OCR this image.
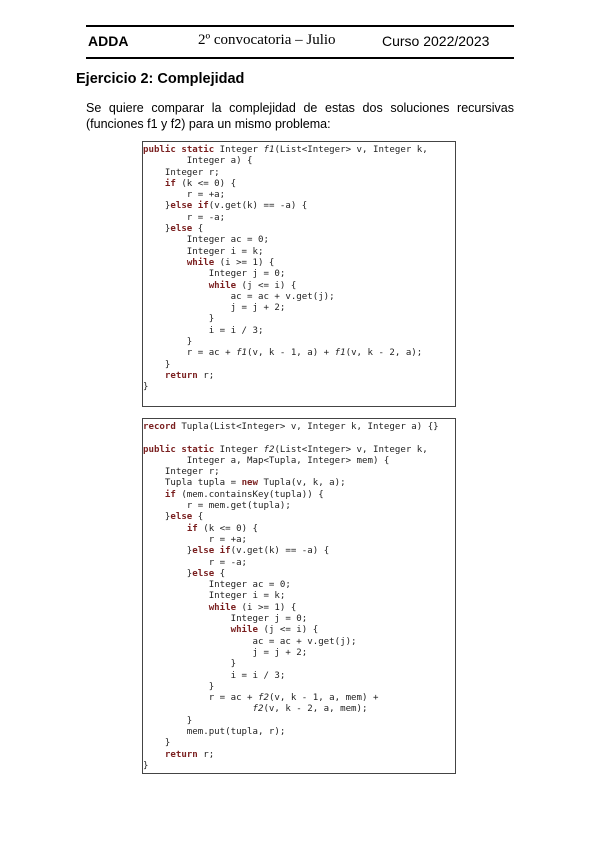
ADDA	2º convocatoria – Julio	Curso 2022/2023
Ejercicio 2: Complejidad
Se quiere comparar la complejidad de estas dos soluciones recursivas (funciones f1 y f2) para un mismo problema:
public static Integer f1(List<Integer> v, Integer k,
Integer a) {
Integer r;
if (k <= 0) {
r = +a;
}else if(v.get(k) == -a) {
r = -a;
}else {
Integer ac = 0;
Integer i = k;
while (i >= 1) {
Integer j = 0;
while (j <= i) {
ac = ac + v.get(j);
j = j + 2;
}
i = i / 3;
}
r = ac + f1(v, k - 1, a) + f1(v, k - 2, a);
}
return r;
}
record Tupla(List<Integer> v, Integer k, Integer a) {}

public static Integer f2(List<Integer> v, Integer k,
Integer a, Map<Tupla, Integer> mem) {
Integer r;
Tupla tupla = new Tupla(v, k, a);
if (mem.containsKey(tupla)) {
r = mem.get(tupla);
}else {
if (k <= 0) {
r = +a;
}else if(v.get(k) == -a) {
r = -a;
}else {
Integer ac = 0;
Integer i = k;
while (i >= 1) {
Integer j = 0;
while (j <= i) {
ac = ac + v.get(j);
j = j + 2;
}
i = i / 3;
}
r = ac + f2(v, k - 1, a, mem) +
f2(v, k - 2, a, mem);
}
mem.put(tupla, r);
}
return r;
}
